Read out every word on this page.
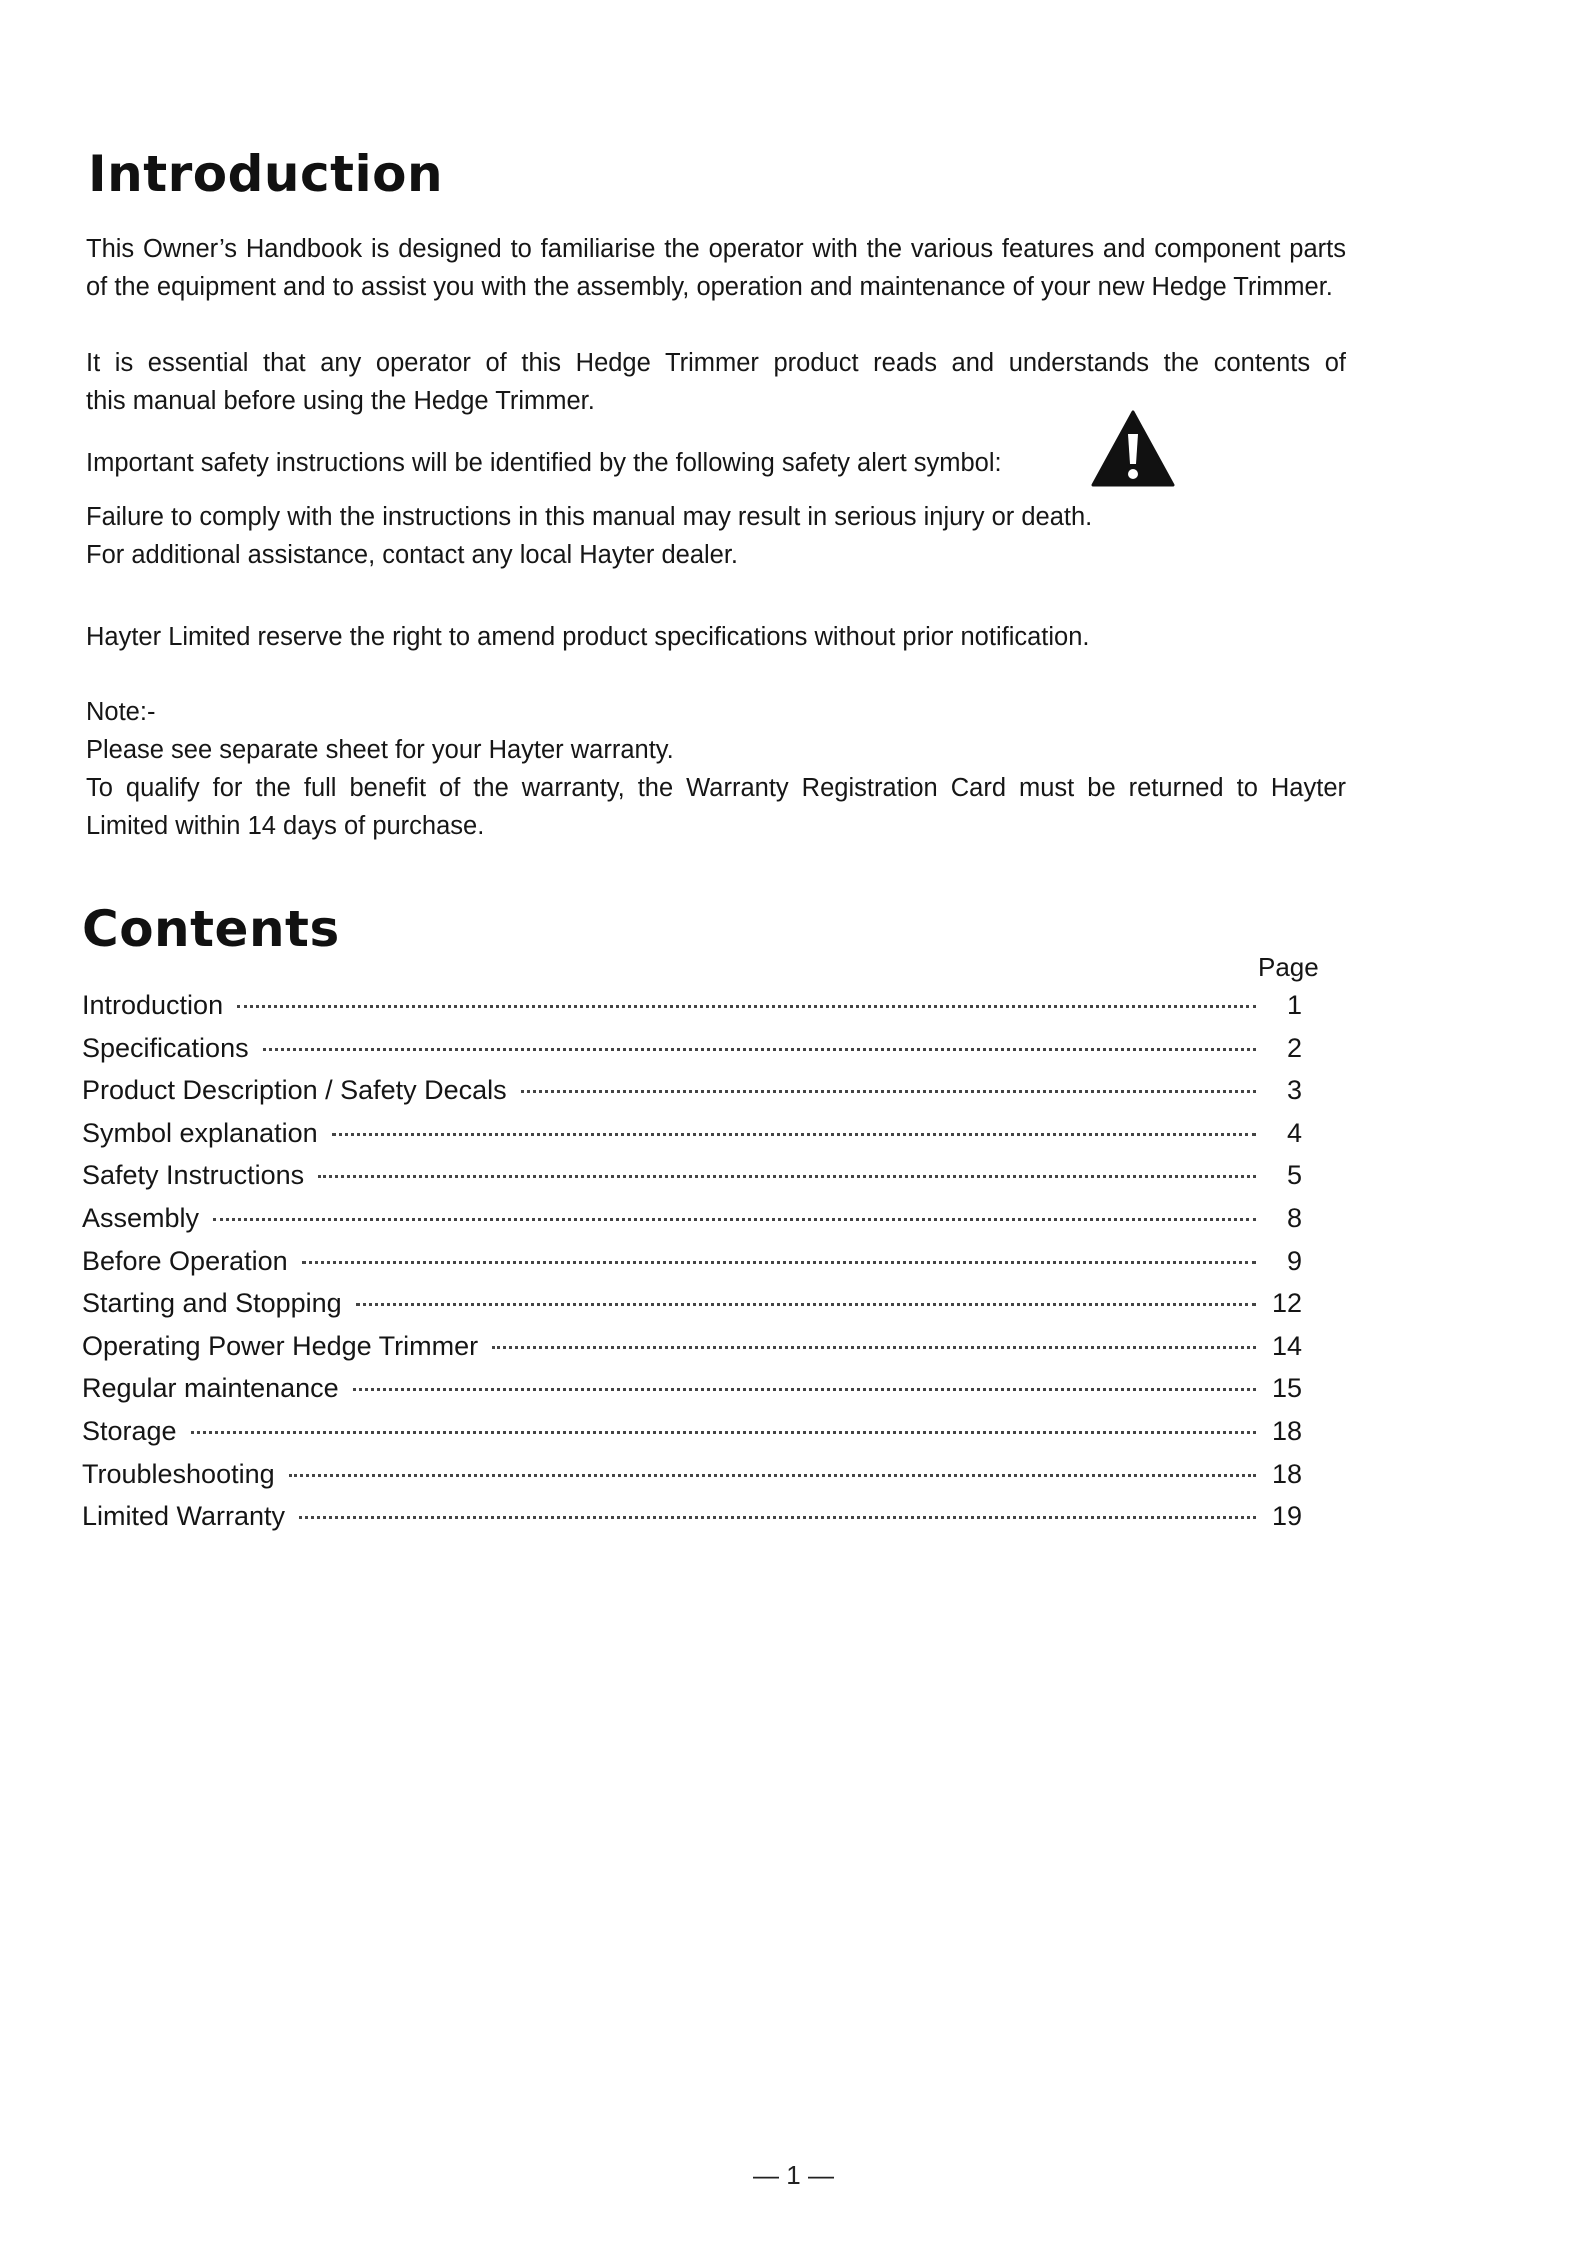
Introduction

This Owner’s Handbook is designed to familiarise the operator with the various features and component parts of the equipment and to assist you with the assembly, operation and maintenance of your new Hedge Trimmer.

It is essential that any operator of this Hedge Trimmer product reads and understands the contents of
this manual before using the Hedge Trimmer.
Important safety instructions will be identified by the following safety alert symbol:
Failure to comply with the instructions in this manual may result in serious injury or death.
For additional assistance, contact any local Hayter dealer.
Hayter Limited reserve the right to amend product specifications without prior notification.
Note:-
Please see separate sheet for your Hayter warranty.
To qualify for the full benefit of the warranty, the Warranty Registration Card must be returned to Hayter
Limited within 14 days of purchase.
Contents
Page
Introduction	1
Specifications	2
Product Description / Safety Decals	3
Symbol explanation	4
Safety Instructions	5
Assembly	8
Before Operation	9
Starting and Stopping	12
Operating Power Hedge Trimmer	14
Regular maintenance	15
Storage	18
Troubleshooting	18
Limited Warranty	19
— 1 —
